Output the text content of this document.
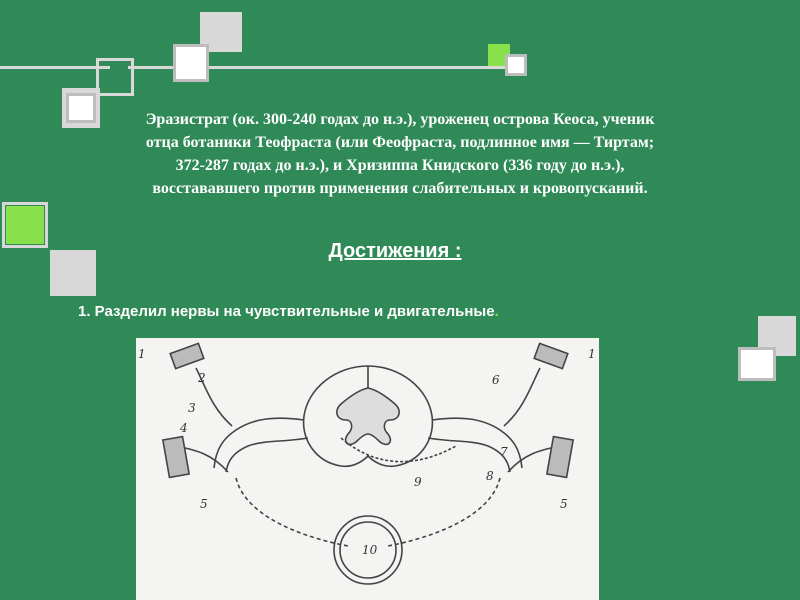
Эразистрат (ок. 300-240 годах до н.э.), уроженец острова Кеоса, ученик отца ботаники Теофраста (или Феофраста, подлинное имя — Тиртам; 372-287 годах до н.э.), и Хризиппа Книдского (336 году до н.э.), восстававшего против применения слабительных и кровопусканий.
Достижения :
1. Разделил нервы на чувствительные и двигательные.
1
2
3
4
5
6
7
8
9
1
5
10
